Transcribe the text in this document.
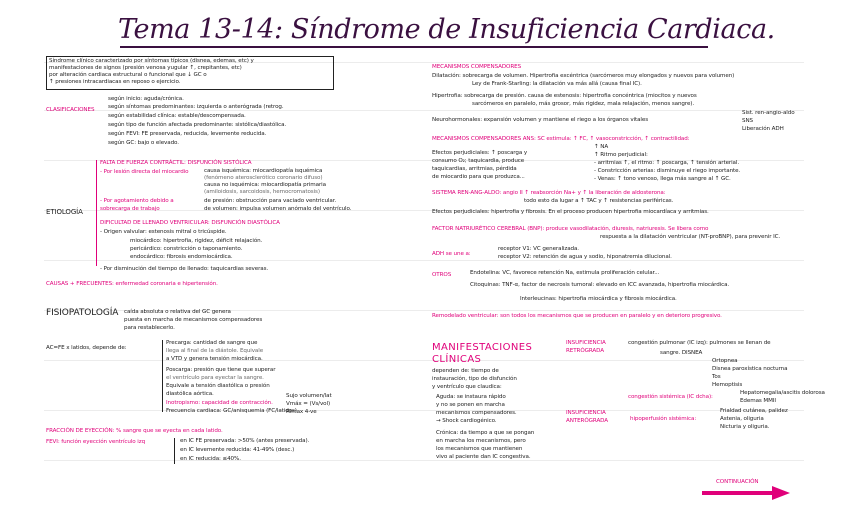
Tema 13-14: Síndrome de Insuficiencia Cardiaca.
Síndrome clínico caracterizado por síntomas típicos (disnea, edemas, etc) y
manifestaciones de signos (presión venosa yugular ↑, crepitantes, etc)
por alteración cardiaca estructural o funcional que ↓ GC o
↑ presiones intracardiacas en reposo o ejercicio.
CLASIFICACIONES
según inicio: aguda/crónica.
según síntomas predominantes: izquierda o anterógrada (retrog.
según estabilidad clínica: estable/descompensada.
según tipo de función afectada predominante: sistólica/diastólica.
según FEVI: FE preservada, reducida, levemente reducida.
según GC: bajo o elevado.
ETIOLOGÍA
FALTA DE FUERZA CONTRÁCTIL: DISFUNCIÓN SISTÓLICA
- Por lesión directa del miocardio	causa isquémica: miocardiopatía isquémica
(fenómeno aterosclerótico coronario difuso)
causa no isquémica: miocardiopatía primaria
(amiloidosis, sarcoidosis, hemocromatosis)
- Por agotamiento debido a
sobrecarga de trabajo
de presión: obstrucción para vaciado ventricular.
de volumen: impulsa volumen anómalo del ventrículo.
DIFICULTAD DE LLENADO VENTRICULAR: DISFUNCIÓN DIASTÓLICA
- Origen valvular: estenosis mitral o tricúspide.
miocárdico: hipertrofia, rigidez, déficit relajación.
pericárdico: constricción o taponamiento.
endocárdico: fibrosis endomiocárdica.
- Por disminución del tiempo de llenado: taquicardias severas.
CAUSAS + FRECUENTES: enfermedad coronaria e hipertensión.
FISIOPATOLOGÍA caída absoluta o relativa del GC genera
puesta en marcha de mecanismos compensadores
para restablecerlo.
AC=FE x latidos, depende de:
Precarga: cantidad de sangre que
llega al final de la diástole. Equivale
a VTD y genera tensión miocárdica.
Poscarga: presión que tiene que superar
el ventrículo para eyectar la sangre.
Equivale a tensión diastólica o presión
diastólica aórtica.
Inotropismo: capacidad de contracción.
Frecuencia cardiaca: GC/anisquemia (FC/latidos)
Sujo volumen/lat
Vmáx = (Vs/vol)
Rlmax 4-ve
FRACCIÓN DE EYECCIÓN: % sangre que se eyecta en cada latido.
FEVI: función eyección ventrículo izq	en IC FE preservada: >50% (antes preservada).
en IC levemente reducida: 41-49% (desc.)
en IC reducida: ≤40%.
MECANISMOS COMPENSADORES
Dilatación: sobrecarga de volumen. Hipertrofia excéntrica (sarcómeros muy elongados y nuevos para volumen)
Ley de Frank-Starling: la dilatación va más allá (causa final IC).
Hipertrofia: sobrecarga de presión. causa de estenosis: hipertrofia concéntrica (miocitos y nuevos
sarcómeros en paralelo, más grosor, más rigidez, mala relajación, menos sangre).
Neurohormonales: expansión volumen y mantiene el riego a los órganos vitales
Sist. ren-angio-aldo
SNS
Liberación ADH
MECANISMOS COMPENSADORES ANS: SC estimula: ↑ FC, ↑ vasoconstricción, ↑ contractilidad:
Efectos perjudiciales: ↑ poscarga y
consumo O₂; taquicardia, produce
taquicardias, arritmias, pérdida
de miocardio para que produzca...
↑ NA
↑ Ritmo perjudicial:
- arritmias ↑, el ritmo: ↑ poscarga, ↑ tensión arterial.
- Constricción arterias: disminuye el riego importante.
- Venas: ↑ tono venoso, llega más sangre al ↑ GC.
SISTEMA REN-ANG-ALDO: angio II ↑ reabsorción Na+ y ↑ la liberación de aldosterona:
todo esto da lugar a ↑ TAC y ↑ resistencias periféricas.
Efectos perjudiciales: hipertrofia y fibrosis. En el proceso producen hipertrofia miocardíaca y arritmias.
FACTOR NATRIURÉTICO CEREBRAL (BNP): produce vasodilatación, diuresis, natriuresis. Se libera como
respuesta a la dilatación ventricular (NT-proBNP), para prevenir IC.
ADH se une a:
receptor V1: VC generalizada.
receptor V2: retención de agua y sodio, hiponatremia dilucional.
OTROS	Endotelina: VC, favorece retención Na, estimula proliferación celular...
Citoquinas: TNF-α, factor de necrosis tumoral: elevado en ICC avanzada, hipertrofia miocárdica.
Interleucinas: hipertrofia miocárdica y fibrosis miocárdica.
Remodelado ventricular: son todos los mecanismos que se producen en paralelo y en deterioro progresivo.
MANIFESTACIONES CLÍNICAS
dependen de: tiempo de
instauración, tipo de disfunción
y ventrículo que claudica:
Aguda: se instaura rápido
y no se ponen en marcha
mecanismos compensadores.
→ Shock cardiogénico.
Crónica: da tiempo a que se pongan
en marcha los mecanismos, pero
los mecanismos que mantienen
vivo al paciente dan IC congestiva.
INSUFICIENCIA
RETRÓGRADA
congestión pulmonar (IC izq): pulmones se llenan de
sangre. DISNEA
Ortopnea
Disnea paroxística nocturna
Tos
Hemoptisis
congestión sistémica (IC dcha):
Hepatomegalia/ascitis dolorosa
Edemas MMII
INSUFICIENCIA
ANTERÓGRADA	hipoperfusión sistémica:
Frialdad cutánea, palidez
Astenia, oliguria
Nicturia y oliguria.
CONTINUACIÓN
